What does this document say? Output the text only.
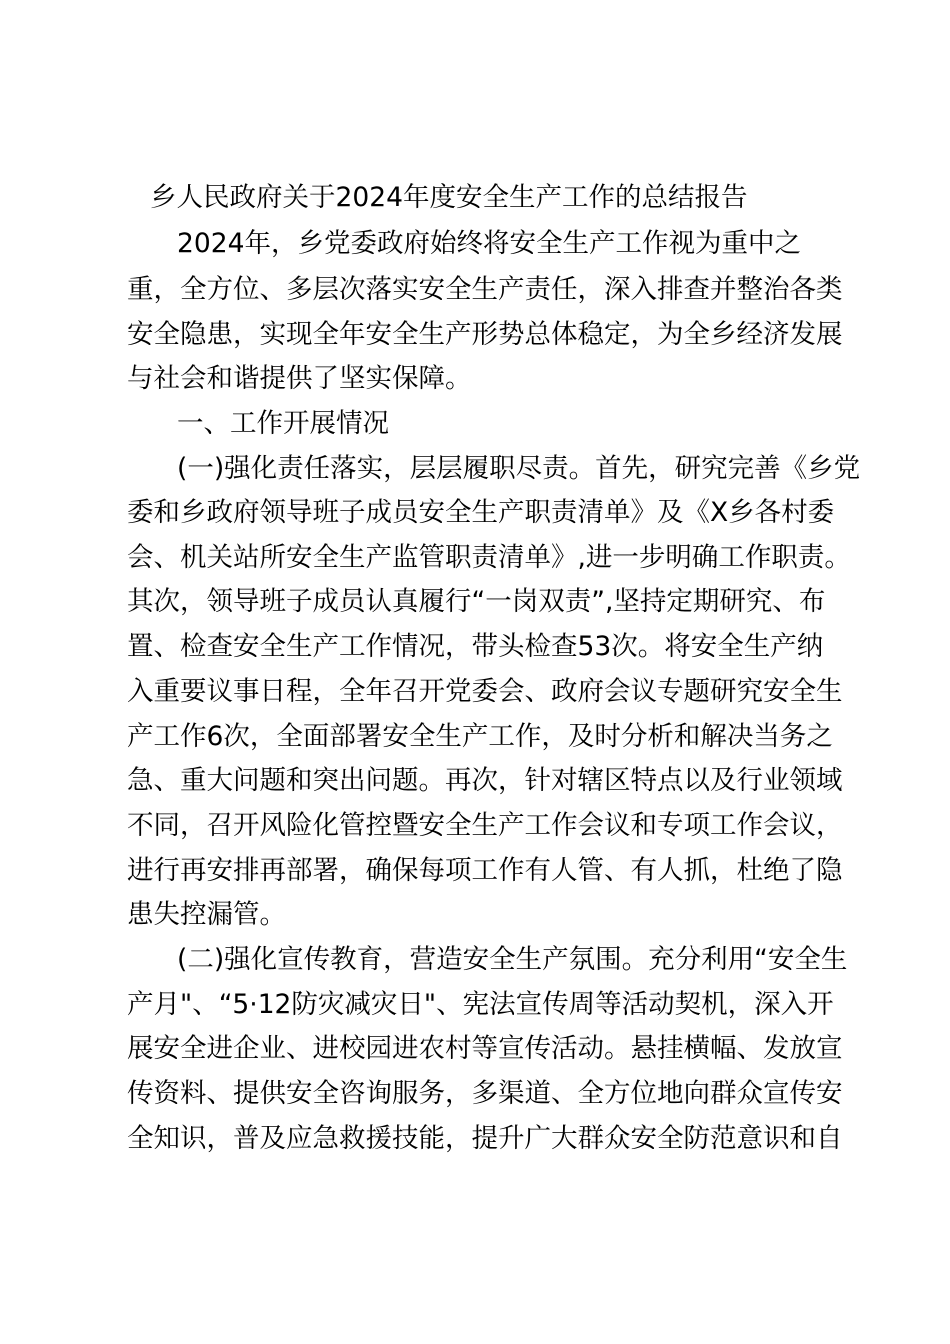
乡人民政府关于2024年度安全生产工作的总结报告
2024年，乡党委政府始终将安全生产工作视为重中之
重，全方位、多层次落实安全生产责任，深入排查并整治各类
安全隐患，实现全年安全生产形势总体稳定，为全乡经济发展
与社会和谐提供了坚实保障。
一、工作开展情况
(一)强化责任落实，层层履职尽责。首先，研究完善《乡党
委和乡政府领导班子成员安全生产职责清单》及《X乡各村委
会、机关站所安全生产监管职责清单》,进一步明确工作职责。
其次，领导班子成员认真履行“一岗双责”,坚持定期研究、布
置、检查安全生产工作情况，带头检查53次。将安全生产纳
入重要议事日程，全年召开党委会、政府会议专题研究安全生
产工作6次，全面部署安全生产工作，及时分析和解决当务之
急、重大问题和突出问题。再次，针对辖区特点以及行业领域
不同，召开风险化管控暨安全生产工作会议和专项工作会议，
进行再安排再部署，确保每项工作有人管、有人抓，杜绝了隐
患失控漏管。
(二)强化宣传教育，营造安全生产氛围。充分利用“安全生
产月"、“5·12防灾减灾日"、宪法宣传周等活动契机，深入开
展安全进企业、进校园进农村等宣传活动。悬挂横幅、发放宣
传资料、提供安全咨询服务，多渠道、全方位地向群众宣传安
全知识，普及应急救援技能，提升广大群众安全防范意识和自
